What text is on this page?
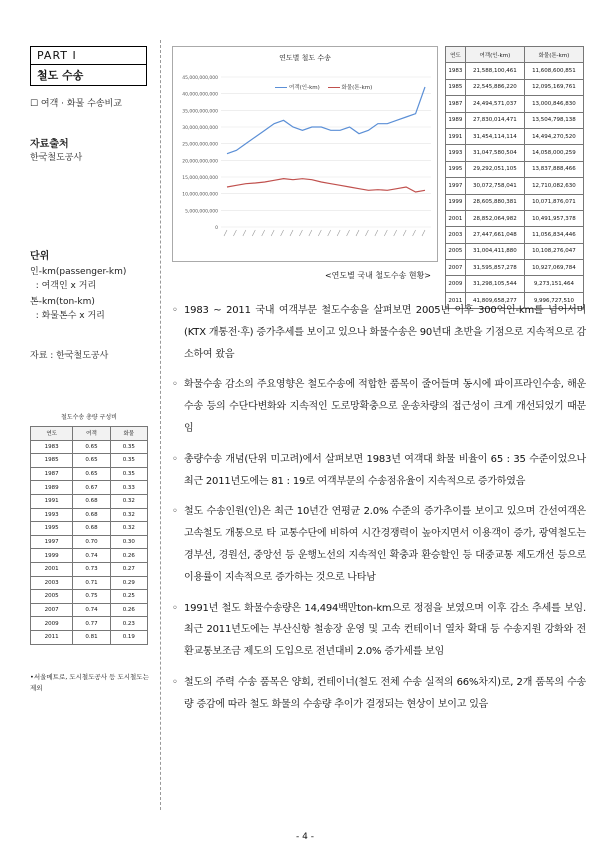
PART Ⅰ
철도 수송
☐ 여객 · 화물 수송비교
자료출처
한국철도공사
단위
인-km(passenger-km)
: 여객인 x 거리
톤-km(ton-km)
: 화물톤수 x 거리
자료 : 한국철도공사
철도수송 총량 구성비
연도	여객	화물
1983	0.65	0.35
1985	0.65	0.35
1987	0.65	0.35
1989	0.67	0.33
1991	0.68	0.32
1993	0.68	0.32
1995	0.68	0.32
1997	0.70	0.30
1999	0.74	0.26
2001	0.73	0.27
2003	0.71	0.29
2005	0.75	0.25
2007	0.74	0.26
2009	0.77	0.23
2011	0.81	0.19
•서울메트로, 도시철도공사 등 도시철도는 제외
0
5,000,000,000
10,000,000,000
15,000,000,000
20,000,000,000
25,000,000,000
30,000,000,000
35,000,000,000
40,000,000,000
45,000,000,000
연도별 철도 수송
여객(인-km)	화물(톤-km)
연도	여객(인-km)	화물(톤-km)
1983	21,588,100,461	11,608,600,851
1985	22,545,886,220	12,095,169,761
1987	24,494,571,037	13,000,846,830
1989	27,830,014,471	13,504,798,138
1991	31,454,114,114	14,494,270,520
1993	31,047,580,504	14,058,000,259
1995	29,292,051,105	13,837,888,466
1997	30,072,758,041	12,710,082,630
1999	28,605,880,381	10,071,876,071
2001	28,852,064,982	10,491,957,378
2003	27,447,661,048	11,056,834,446
2005	31,004,411,880	10,108,276,047
2007	31,595,857,278	10,927,069,784
2009	31,298,105,544	9,273,151,464
2011	41,809,658,277	9,996,727,510
<연도별 국내 철도수송 현황>
◦ 1983 ~ 2011 국내 여객부문 철도수송을 살펴보면 2005년 이후 300억인-km를 넘어서며(KTX 개통전·후) 증가추세를 보이고 있으나 화물수송은 90년대 초반을 기점으로 지속적으로 감소하여 왔음
◦ 화물수송 감소의 주요영향은 철도수송에 적합한 품목이 줄어들며 동시에 파이프라인수송, 해운수송 등의 수단다변화와 지속적인 도로망확충으로 운송차량의 접근성이 크게 개선되었기 때문임
◦ 총량수송 개념(단위 미고려)에서 살펴보면 1983년 여객대 화물 비율이 65 : 35 수준이었으나 최근 2011년도에는 81 : 19로 여객부문의 수송점유율이 지속적으로 증가하였음
◦ 철도 수송인원(인)은 최근 10년간 연평균 2.0% 수준의 증가추이를 보이고 있으며 간선여객은 고속철도 개통으로 타 교통수단에 비하여 시간경쟁력이 높아지면서 이용객이 증가, 광역철도는 경부선, 경원선, 중앙선 등 운행노선의 지속적인 확충과 환승할인 등 대중교통 제도개선 등으로 이용률이 지속적으로 증가하는 것으로 나타남
◦ 1991년 철도 화물수송량은 14,494백만ton-km으로 정점을 보였으며 이후 감소 추세를 보임. 최근 2011년도에는 부산신항 철송장 운영 및 고속 컨테이너 열차 확대 등 수송지원 강화와 전환교통보조금 제도의 도입으로 전년대비 2.0% 증가세를 보임
◦ 철도의 주력 수송 품목은 양회, 컨테이너(철도 전체 수송 실적의 66%차지)로, 2개 품목의 수송량 증감에 따라 철도 화물의 수송량 추이가 결정되는 현상이 보이고 있음
- 4 -
